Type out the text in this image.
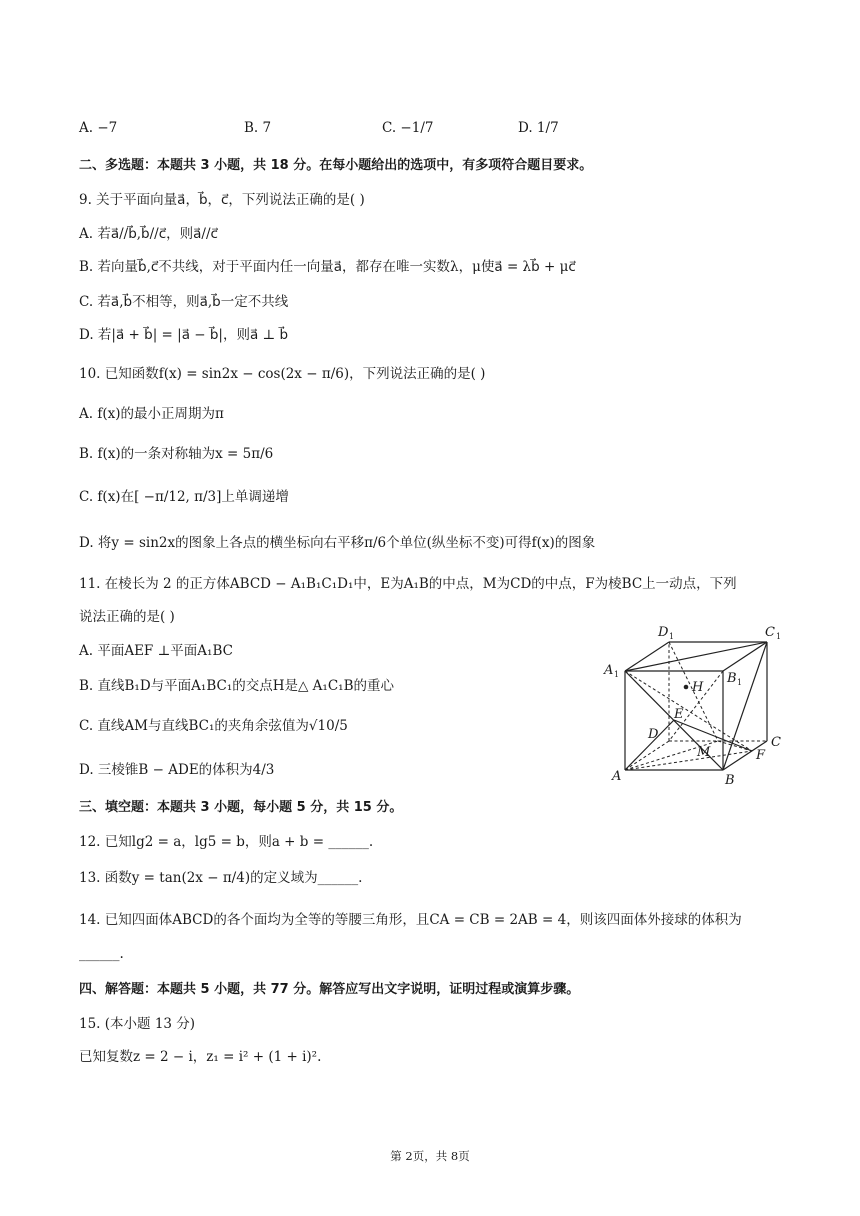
A. −7	B. 7	C. −1/7	D. 1/7
二、多选题：本题共 3 小题，共 18 分。在每小题给出的选项中，有多项符合题目要求。
9. 关于平面向量a⃗，b⃗，c⃗，下列说法正确的是( )
A. 若a⃗//b⃗,b⃗//c⃗，则a⃗//c⃗
B. 若向量b⃗,c⃗不共线，对于平面内任一向量a⃗，都存在唯一实数λ，μ使a⃗ = λb⃗ + μc⃗
C. 若a⃗,b⃗不相等，则a⃗,b⃗一定不共线
D. 若|a⃗ + b⃗| = |a⃗ − b⃗|，则a⃗ ⊥ b⃗
10. 已知函数f(x) = sin2x − cos(2x − π/6)，下列说法正确的是( )
A. f(x)的最小正周期为π
B. f(x)的一条对称轴为x = 5π/6
C. f(x)在[ −π/12, π/3]上单调递增
D. 将y = sin2x的图象上各点的横坐标向右平移π/6个单位(纵坐标不变)可得f(x)的图象
11. 在棱长为 2 的正方体ABCD − A₁B₁C₁D₁中，E为A₁B的中点，M为CD的中点，F为棱BC上一动点，下列
说法正确的是( )
A. 平面AEF ⊥平面A₁BC
B. 直线B₁D与平面A₁BC₁的交点H是△ A₁C₁B的重心
C. 直线AM与直线BC₁的夹角余弦值为√10/5
D. 三棱锥B − ADE的体积为4/3
D 1	C 1
A 1	B 1
H
E
D
C
M	F
A	B
三、填空题：本题共 3 小题，每小题 5 分，共 15 分。
12. 已知lg2 = a，lg5 = b，则a + b = ______.
13. 函数y = tan(2x − π/4)的定义域为______.
14. 已知四面体ABCD的各个面均为全等的等腰三角形，且CA = CB = 2AB = 4，则该四面体外接球的体积为
______.
四、解答题：本题共 5 小题，共 77 分。解答应写出文字说明，证明过程或演算步骤。
15. (本小题 13 分)
已知复数z = 2 − i，z₁ = i² + (1 + i)².
第 2页，共 8页
